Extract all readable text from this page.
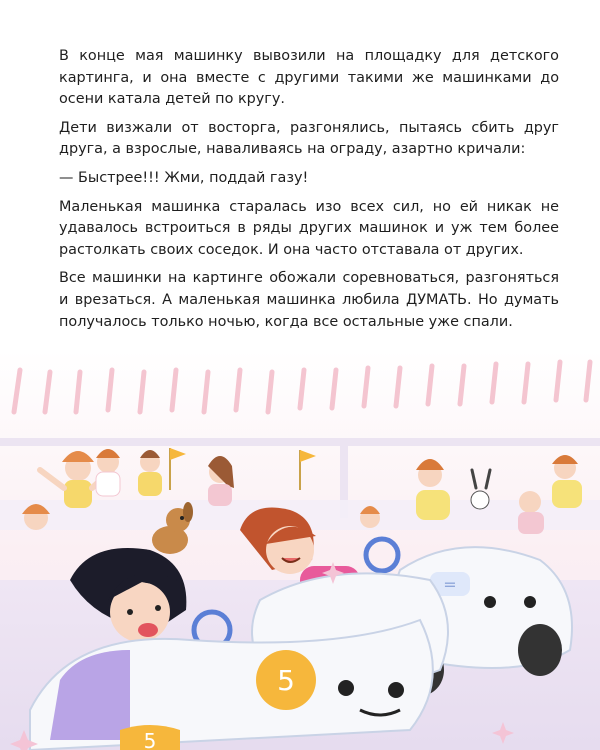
В конце мая машинку вывозили на площадку для детского картинга, и она вместе с другими такими же машинками до осени катала детей по кругу.

Дети визжали от восторга, разгонялись, пытаясь сбить друг друга, а взрослые, наваливаясь на ограду, азартно кричали:

— Быстрее!!! Жми, поддай газу!

Маленькая машинка старалась изо всех сил, но ей никак не удавалось встроиться в ряды других машинок и уж тем более растолкать своих соседок. И она часто отставала от других.

Все машинки на картинге обожали соревноваться, разгоняться и врезаться. А маленькая машинка любила ДУМАТЬ. Но думать получалось только ночью, когда все остальные уже спали.

=
5
5
